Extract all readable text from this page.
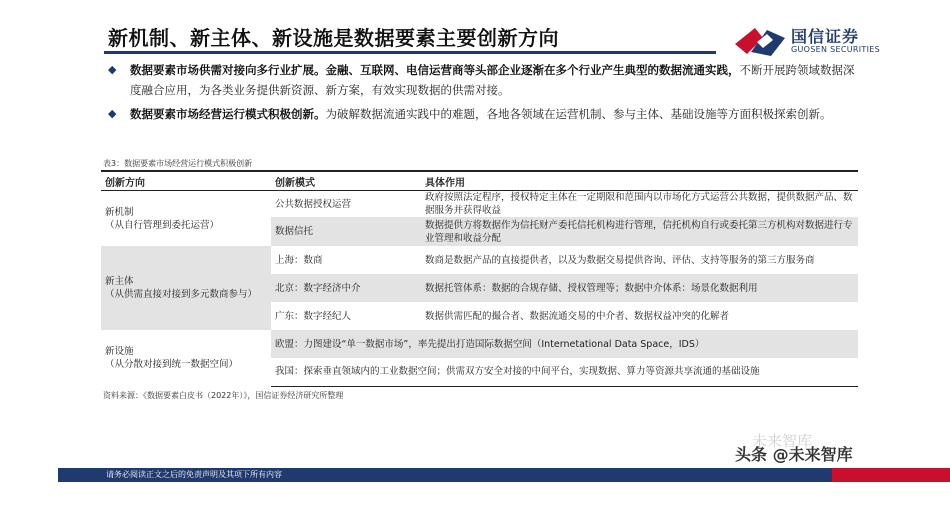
新机制、新主体、新设施是数据要素主要创新方向	国信证券
GUOSEN SECURITIES
◆	数据要素市场供需对接向多行业扩展。金融、互联网、电信运营商等头部企业逐渐在多个行业产生典型的数据流通实践，不断开展跨领域数据深度融合应用，为各类业务提供新资源、新方案，有效实现数据的供需对接。
◆	数据要素市场经营运行模式积极创新。为破解数据流通实践中的难题，各地各领域在运营机制、参与主体、基础设施等方面积极探索创新。
表3：数据要素市场经营运行模式积极创新
创新方向	创新模式	具体作用

新机制
（从自行管理到委托运营）	公共数据授权运营	政府按照法定程序，授权特定主体在一定期限和范围内以市场化方式运营公共数据，提供数据产品、数据服务并获得收益
	数据信托	数据提供方将数据作为信托财产委托信托机构进行管理，信托机构自行或委托第三方机构对数据进行专业管理和收益分配

新主体
（从供需直接对接到多元数商参与）	上海：数商	数商是数据产品的直接提供者，以及为数据交易提供咨询、评估、支持等服务的第三方服务商
	北京：数字经济中介	数据托管体系：数据的合规存储、授权管理等；数据中介体系：场景化数据利用
	广东：数字经纪人	数据供需匹配的撮合者、数据流通交易的中介者、数据权益冲突的化解者

新设施
（从分散对接到统一数据空间）	欧盟：力图建设“单一数据市场”，率先提出打造国际数据空间（Internetational Data Space，IDS）	
	我国：探索垂直领域内的工业数据空间；供需双方安全对接的中间平台，实现数据、算力等资源共享流通的基础设施	
资料来源：《数据要素白皮书（2022年）》，国信证券经济研究所整理
未来智库
头条 @未来智库
请务必阅读正文之后的免责声明及其项下所有内容
